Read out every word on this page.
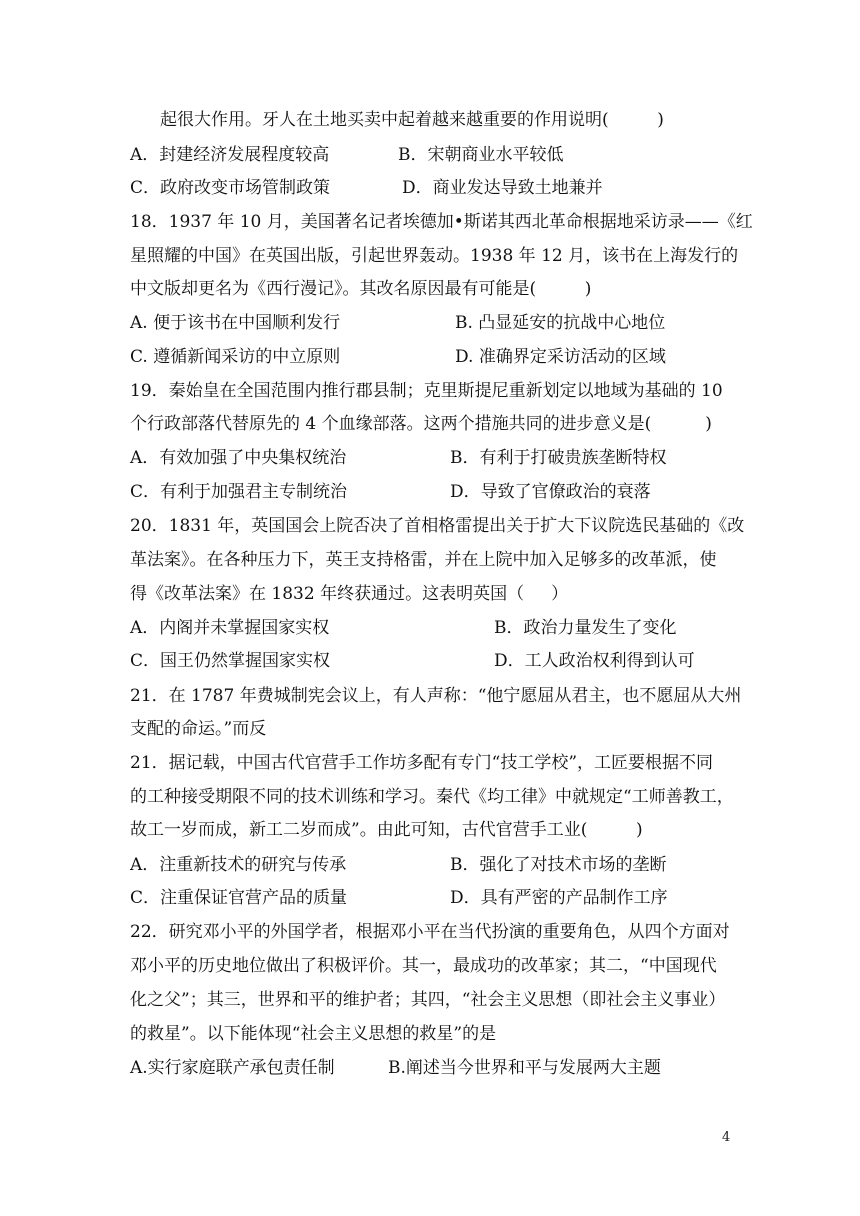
起很大作用。牙人在土地买卖中起着越来越重要的作用说明(         )
A．封建经济发展程度较高	B．宋朝商业水平较低
C．政府改变市场管制政策	D．商业发达导致土地兼并
18．1937 年 10 月，美国著名记者埃德加•斯诺其西北革命根据地采访录——《红
星照耀的中国》在英国出版，引起世界轰动。1938 年 12 月，该书在上海发行的
中文版却更名为《西行漫记》。其改名原因最有可能是(         )
A. 便于该书在中国顺利发行	B. 凸显延安的抗战中心地位
C. 遵循新闻采访的中立原则	D. 准确界定采访活动的区域
19．秦始皇在全国范围内推行郡县制；克里斯提尼重新划定以地域为基础的 10
个行政部落代替原先的 4 个血缘部落。这两个措施共同的进步意义是(          )
A．有效加强了中央集权统治	B．有利于打破贵族垄断特权
C．有利于加强君主专制统治	D．导致了官僚政治的衰落
20．1831 年，英国国会上院否决了首相格雷提出关于扩大下议院选民基础的《改
革法案》。在各种压力下，英王支持格雷，并在上院中加入足够多的改革派，使
得《改革法案》在 1832 年终获通过。这表明英国（     ）
A．内阁并未掌握国家实权	B．政治力量发生了变化
C．国王仍然掌握国家实权	D．工人政治权利得到认可
21．在 1787 年费城制宪会议上，有人声称：“他宁愿屈从君主，也不愿屈从大州
支配的命运。”而反
21．据记载，中国古代官营手工作坊多配有专门“技工学校”，工匠要根据不同
的工种接受期限不同的技术训练和学习。秦代《均工律》中就规定“工师善教工，
故工一岁而成，新工二岁而成”。由此可知，古代官营手工业(         )
A．注重新技术的研究与传承	B．强化了对技术市场的垄断
C．注重保证官营产品的质量	D．具有严密的产品制作工序
22．研究邓小平的外国学者，根据邓小平在当代扮演的重要角色，从四个方面对
邓小平的历史地位做出了积极评价。其一，最成功的改革家；其二，“中国现代
化之父”；其三，世界和平的维护者；其四，“社会主义思想（即社会主义事业）
的救星”。以下能体现“社会主义思想的救星”的是
A.实行家庭联产承包责任制	B.阐述当今世界和平与发展两大主题
4
